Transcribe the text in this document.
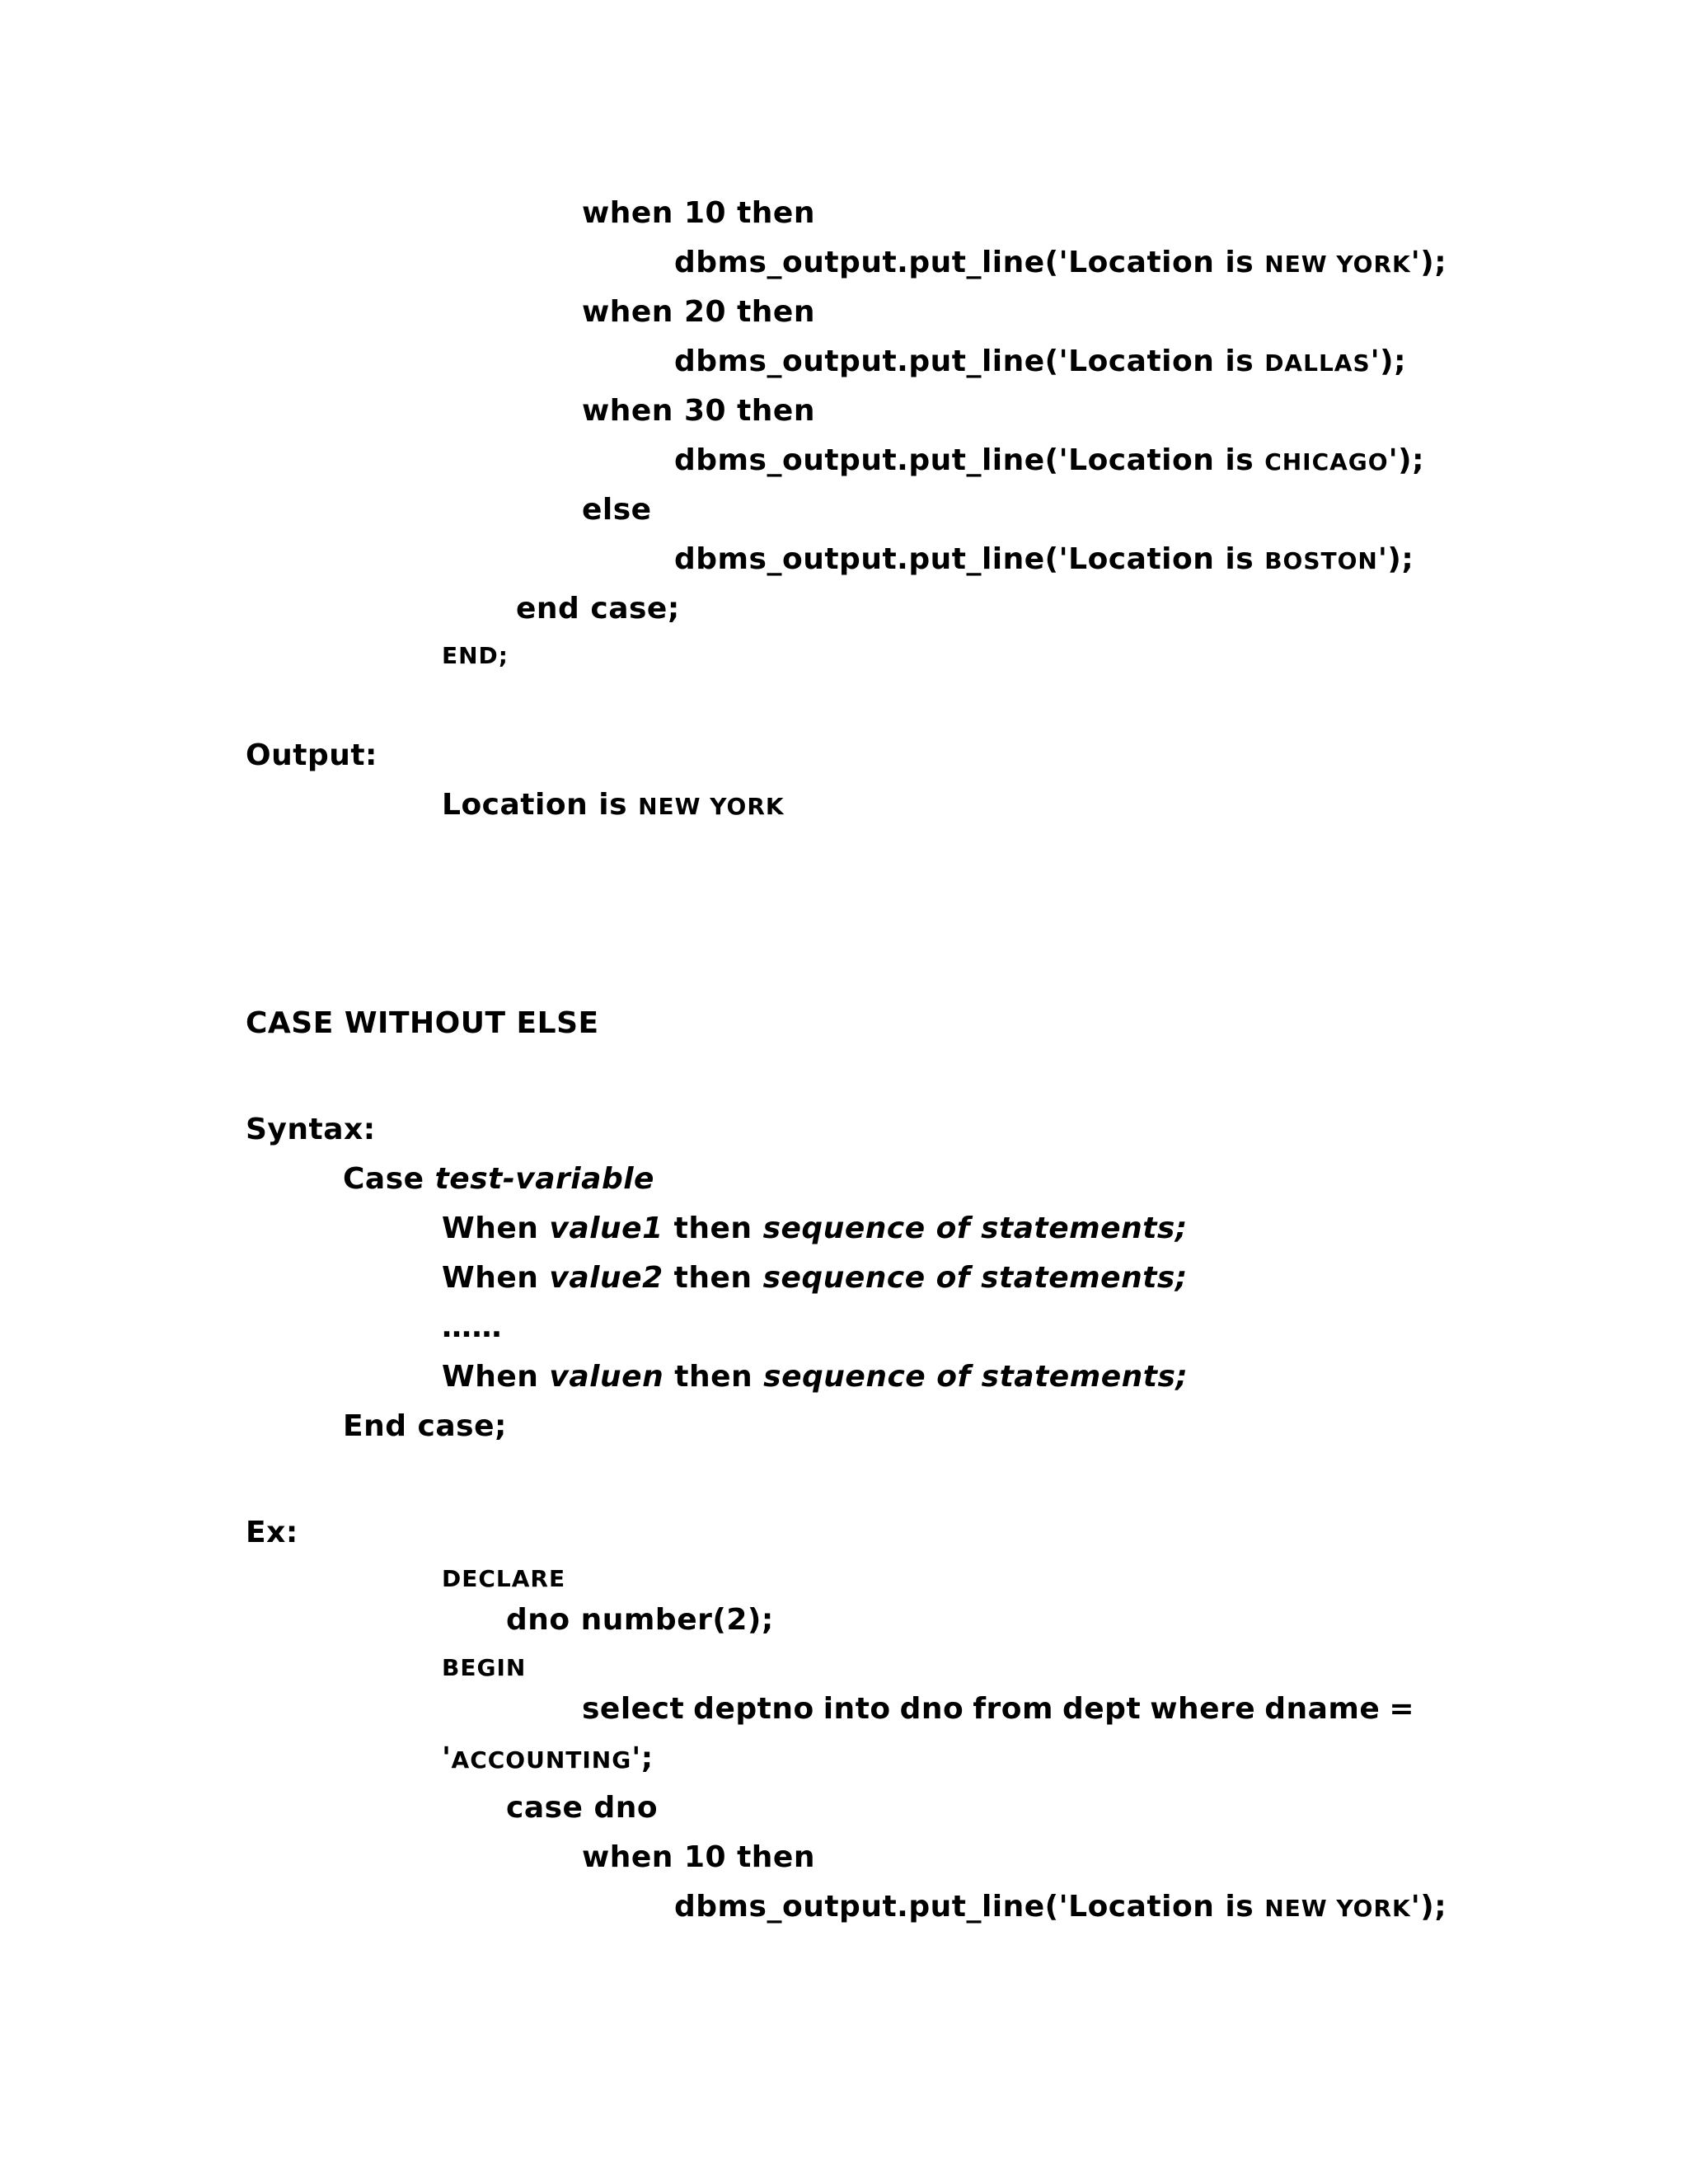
when 10 then
dbms_output.put_line('Location is NEW YORK');
when 20 then
dbms_output.put_line('Location is DALLAS');
when 30 then
dbms_output.put_line('Location is CHICAGO');
else
dbms_output.put_line('Location is BOSTON');
end case;
END;
Output:
Location is NEW YORK
CASE WITHOUT ELSE
Syntax:
Case test-variable
When value1 then sequence of statements;
When value2 then sequence of statements;
……
When valuen then sequence of statements;
End case;
Ex:
DECLARE
dno number(2);
BEGIN
select deptno into dno from dept where dname =
'ACCOUNTING';
case dno
when 10 then
dbms_output.put_line('Location is NEW YORK');
